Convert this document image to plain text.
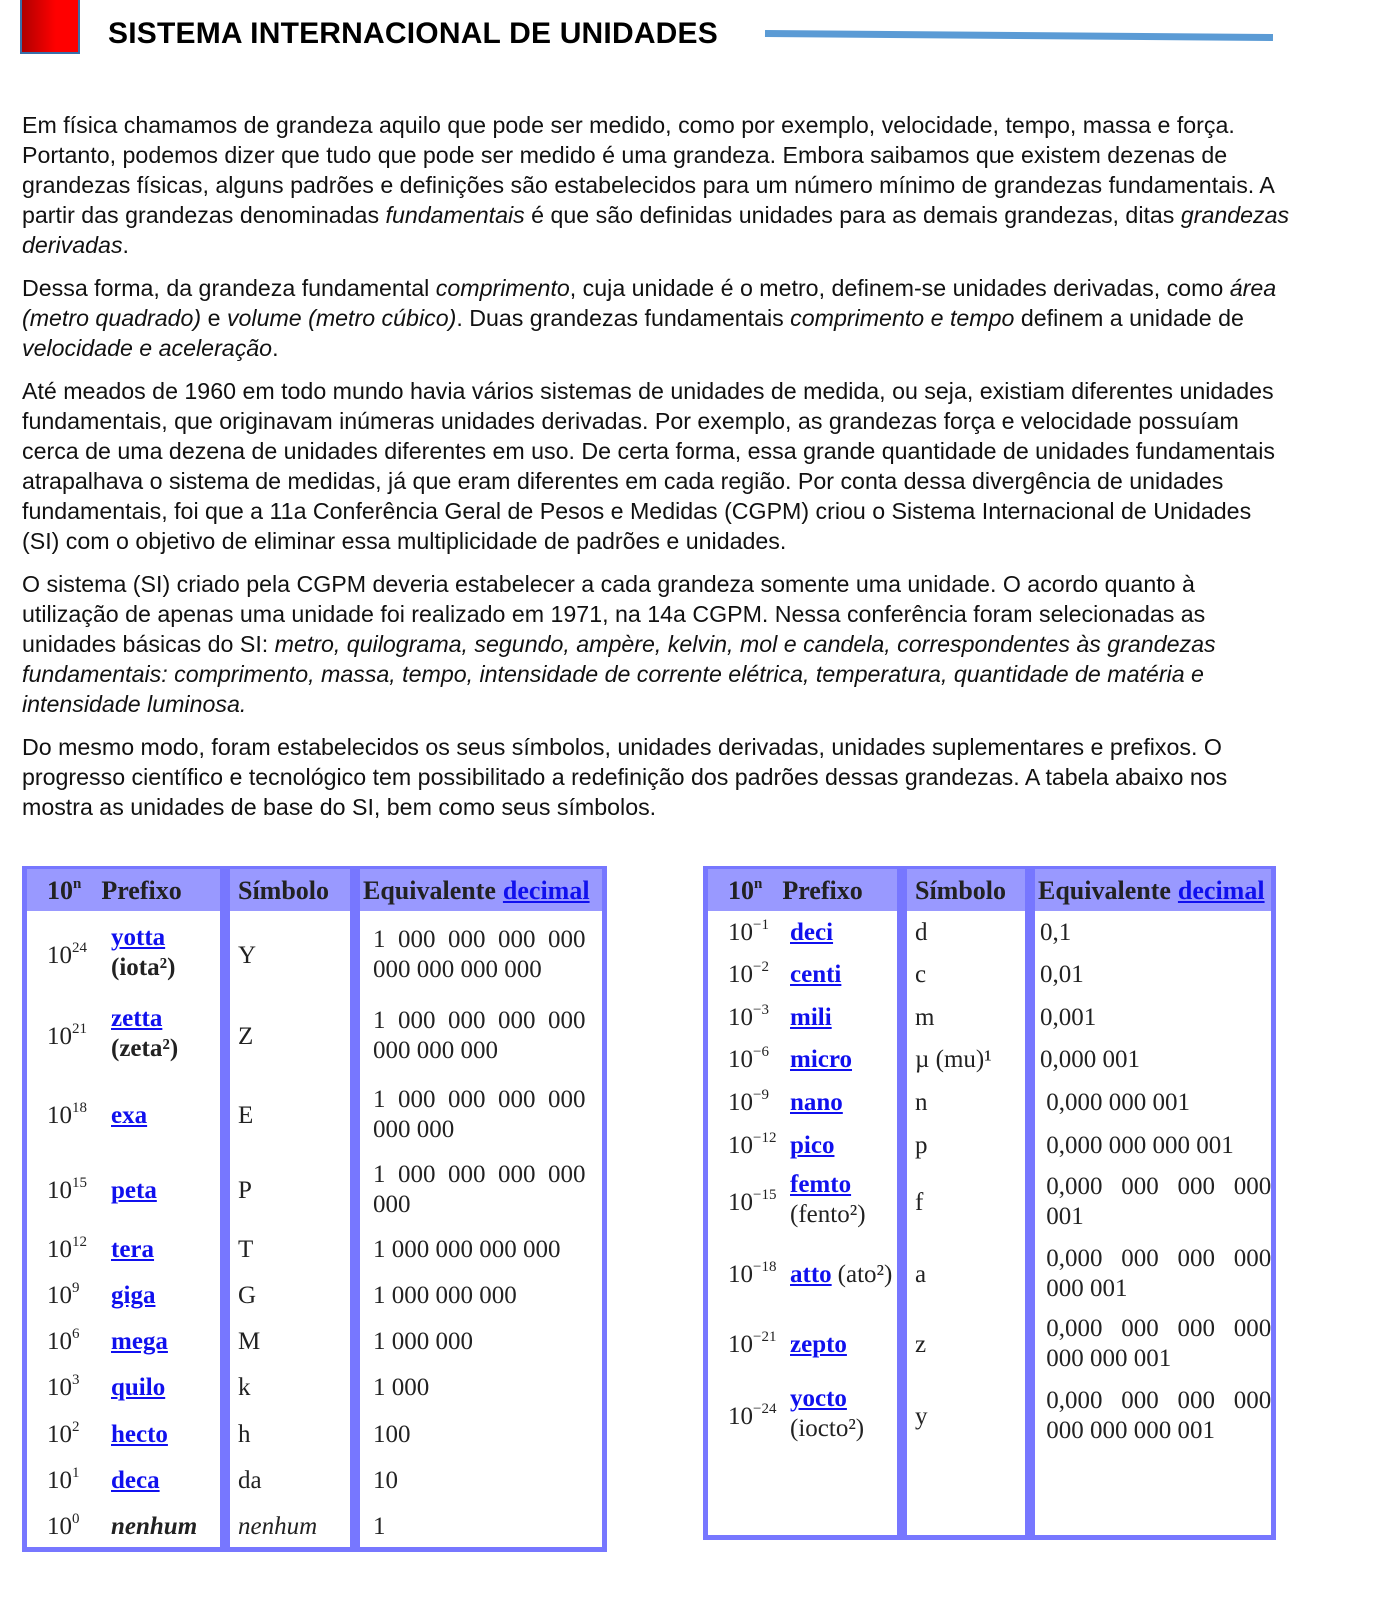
SISTEMA INTERNACIONAL DE UNIDADES

Em física chamamos de grandeza aquilo que pode ser medido, como por exemplo, velocidade, tempo, massa e força. Portanto, podemos dizer que tudo que pode ser medido é uma grandeza. Embora saibamos que existem dezenas de grandezas físicas, alguns padrões e definições são estabelecidos para um número mínimo de grandezas fundamentais. A partir das grandezas denominadas fundamentais é que são definidas unidades para as demais grandezas, ditas grandezas derivadas.

Dessa forma, da grandeza fundamental comprimento, cuja unidade é o metro, definem-se unidades derivadas, como área (metro quadrado) e volume (metro cúbico). Duas grandezas fundamentais comprimento e tempo definem a unidade de velocidade e aceleração.

Até meados de 1960 em todo mundo havia vários sistemas de unidades de medida, ou seja, existiam diferentes unidades fundamentais, que originavam inúmeras unidades derivadas. Por exemplo, as grandezas força e velocidade possuíam cerca de uma dezena de unidades diferentes em uso. De certa forma, essa grande quantidade de unidades fundamentais atrapalhava o sistema de medidas, já que eram diferentes em cada região. Por conta dessa divergência de unidades fundamentais, foi que a 11a Conferência Geral de Pesos e Medidas (CGPM) criou o Sistema Internacional de Unidades (SI) com o objetivo de eliminar essa multiplicidade de padrões e unidades.

O sistema (SI) criado pela CGPM deveria estabelecer a cada grandeza somente uma unidade. O acordo quanto à utilização de apenas uma unidade foi realizado em 1971, na 14a CGPM. Nessa conferência foram selecionadas as unidades básicas do SI: metro, quilograma, segundo, ampère, kelvin, mol e candela, correspondentes às grandezas fundamentais: comprimento, massa, tempo, intensidade de corrente elétrica, temperatura, quantidade de matéria e intensidade luminosa.

Do mesmo modo, foram estabelecidos os seus símbolos, unidades derivadas, unidades suplementares e prefixos. O progresso científico e tecnológico tem possibilitado a redefinição dos padrões dessas grandezas. A tabela abaixo nos mostra as unidades de base do SI, bem como seus símbolos.

10$^n$ Prefixo
$10^{24}$ yotta
(iota²)
$10^{21}$ zetta
(zeta²)
$10^{18}$ exa
$10^{15}$ peta
$10^{12}$ tera
$10^9$ giga
$10^6$ mega
$10^3$ quilo
$10^2$ hecto
$10^1$ deca
$10^0$ nenhum
Símbolo
Y
Z
E
P
T
G
M
k
h
da
nenhum
Equivalente decimal
1  000  000  000  000
000 000 000 000
1  000  000  000  000
000 000 000
1  000  000  000  000
000 000
1  000  000  000  000
000
1 000 000 000 000
1 000 000 000
1 000 000
1 000
100
10
1
10$^n$ Prefixo
$10^{-1}$ deci
$10^{-2}$ centi
$10^{-3}$ mili
$10^{-6}$ micro
$10^{-9}$ nano
$10^{-12}$ pico
$10^{-15}$ femto
(fento²)
$10^{-18}$ atto (ato²)
$10^{-21}$ zepto
$10^{-24}$ yocto
(iocto²)
Símbolo
d
c
m
µ (mu)¹
n
p
f
a
z
y
Equivalente decimal
0,1
0,01
0,001
0,000 001
0,000 000 001
0,000 000 000 001
0,000   000   000   000
001
0,000   000   000   000
000 001
0,000   000   000   000
000 000 001
0,000   000   000   000
000 000 000 001
